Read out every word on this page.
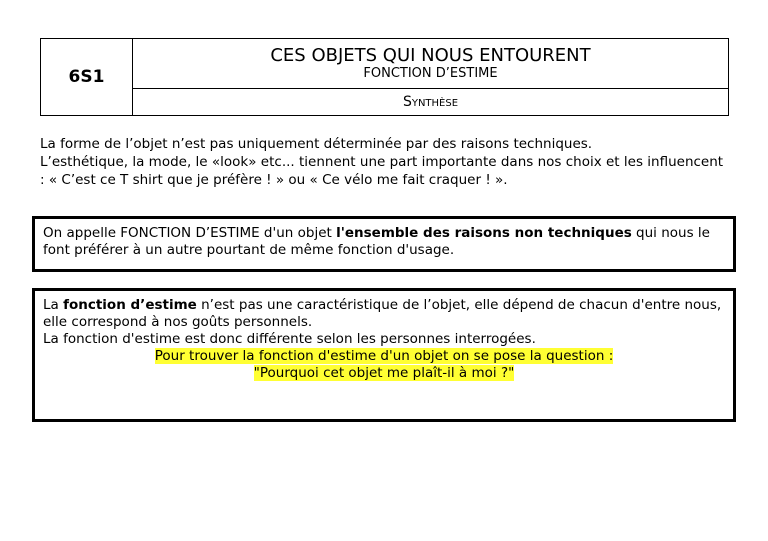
6S1
CES OBJETS QUI NOUS ENTOURENT
FONCTION D’ESTIME
Synthèse

La forme de l’objet n’est pas uniquement déterminée par des raisons techniques.

L’esthétique, la mode, le «look» etc... tiennent une part importante dans nos choix et les influencent : « C’est ce T shirt que je préfère ! » ou « Ce vélo me fait craquer ! ».

On appelle FONCTION D’ESTIME d'un objet l'ensemble des raisons non techniques qui nous le font préférer à un autre pourtant de même fonction d'usage.

La fonction d’estime n’est pas une caractéristique de l’objet, elle dépend de chacun d'entre nous, elle correspond à nos goûts personnels.

La fonction d'estime est donc différente selon les personnes interrogées.

Pour trouver la fonction d'estime d'un objet on se pose la question :
"Pourquoi cet objet me plaît-il à moi ?"
